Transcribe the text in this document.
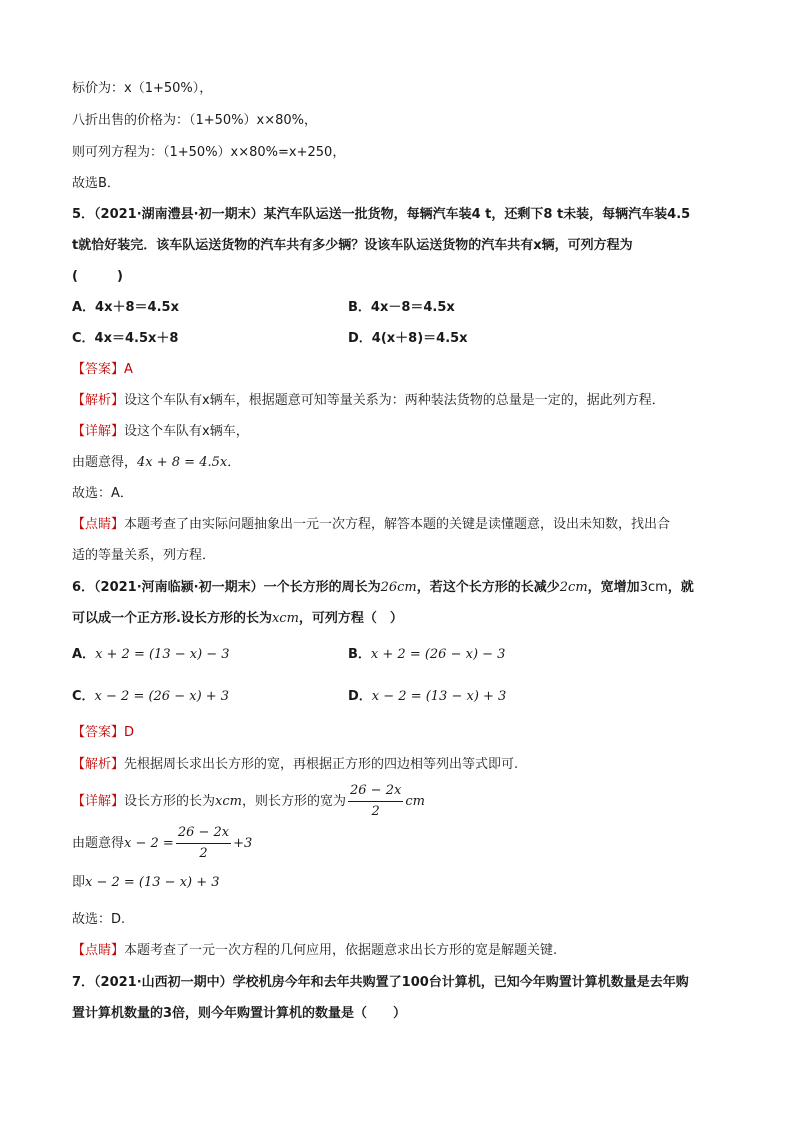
标价为：x（1+50%），
八折出售的价格为：（1+50%）x×80%，
则可列方程为：（1+50%）x×80%=x+250，
故选B．
5．（2021·湖南澧县·初一期末）某汽车队运送一批货物，每辆汽车装4 t，还剩下8 t未装，每辆汽车装4.5
t就恰好装完．该车队运送货物的汽车共有多少辆？设该车队运送货物的汽车共有x辆，可列方程为
(　　　)
A．4x＋8＝4.5x	B．4x－8＝4.5x
C．4x＝4.5x＋8	D．4(x＋8)＝4.5x
【答案】A
【解析】设这个车队有x辆车，根据题意可知等量关系为：两种装法货物的总量是一定的，据此列方程．
【详解】设这个车队有x辆车，
由题意得，4x + 8 = 4.5x．
故选：A．
【点睛】本题考查了由实际问题抽象出一元一次方程，解答本题的关键是读懂题意，设出未知数，找出合
适的等量关系，列方程．
6．（2021·河南临颍·初一期末）一个长方形的周长为26cm，若这个长方形的长减少2cm，宽增加3cm，就
可以成一个正方形.设长方形的长为xcm，可列方程（　）
A．x + 2 = (13 − x) − 3	B．x + 2 = (26 − x) − 3
C．x − 2 = (26 − x) + 3	D．x − 2 = (13 − x) + 3
【答案】D
【解析】先根据周长求出长方形的宽，再根据正方形的四边相等列出等式即可.
【详解】设长方形的长为xcm，则长方形的宽为 $\frac{26 - 2x}{2}$ cm
由题意得$x - 2 = \frac{26 - 2x}{2} +3$
即x − 2 = (13 − x) + 3
故选：D.
【点睛】本题考查了一元一次方程的几何应用，依据题意求出长方形的宽是解题关键.
7．（2021·山西初一期中）学校机房今年和去年共购置了100台计算机，已知今年购置计算机数量是去年购
置计算机数量的3倍，则今年购置计算机的数量是（　　）
